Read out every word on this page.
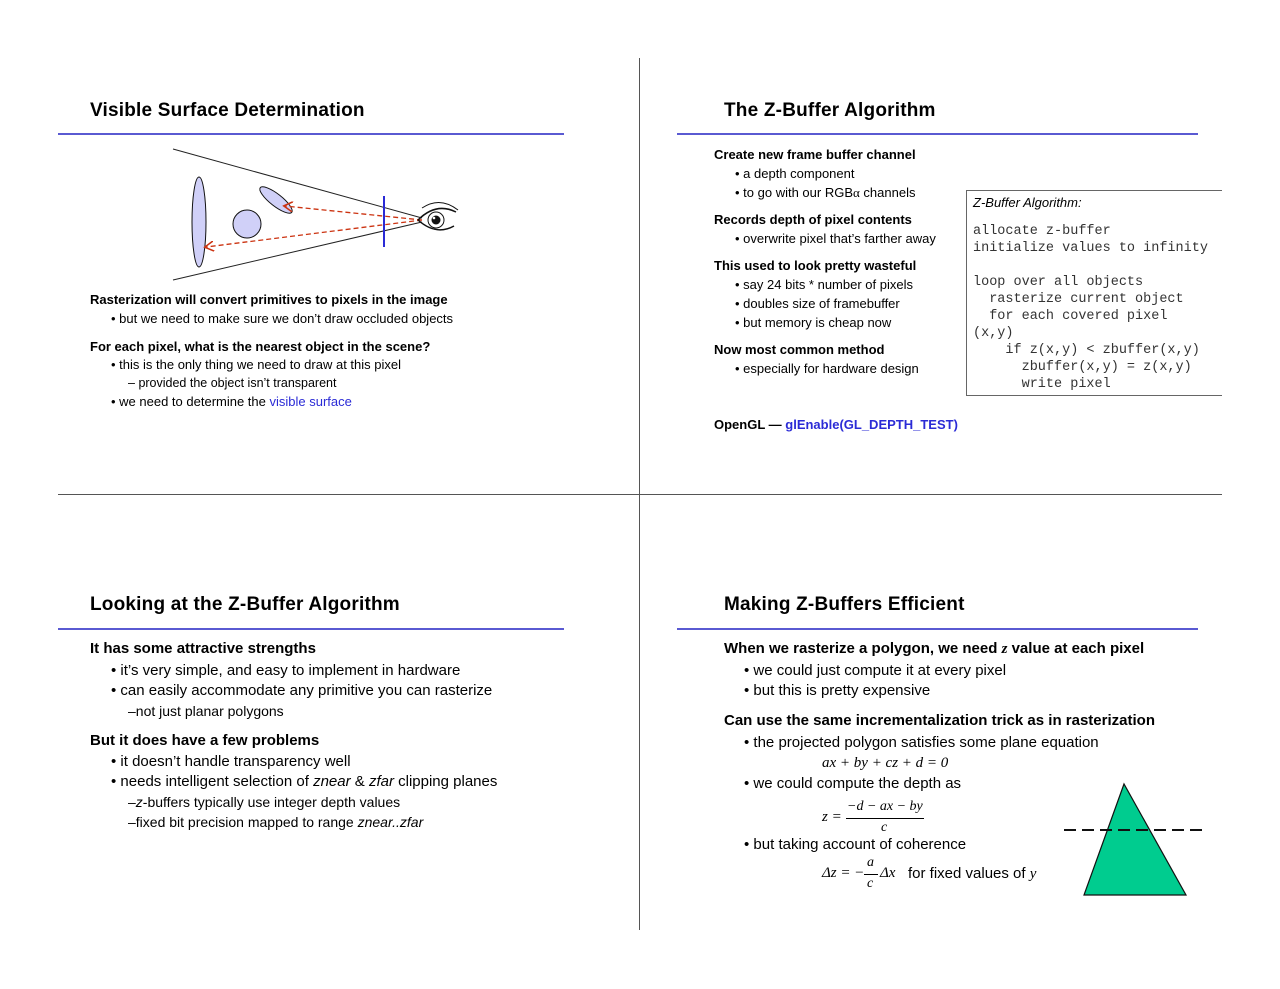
Visible Surface Determination
Rasterization will convert primitives to pixels in the image
• but we need to make sure we don’t draw occluded objects
For each pixel, what is the nearest object in the scene?
• this is the only thing we need to draw at this pixel
– provided the object isn’t transparent
• we need to determine the visible surface
The Z-Buffer Algorithm
Create new frame buffer channel
• a depth component
• to go with our RGBα channels
Records depth of pixel contents
• overwrite pixel that’s farther away
This used to look pretty wasteful
• say 24 bits * number of pixels
• doubles size of framebuffer
• but memory is cheap now
Now most common method
• especially for hardware design
OpenGL — glEnable(GL_DEPTH_TEST)
Z-Buffer Algorithm:
allocate z-buffer
initialize values to infinity
loop over all objects
rasterize current object
for each covered pixel
(x,y)
if z(x,y) < zbuffer(x,y)
zbuffer(x,y) = z(x,y)
write pixel
Looking at the Z-Buffer Algorithm
It has some attractive strengths
• it’s very simple, and easy to implement in hardware
• can easily accommodate any primitive you can rasterize
–not just planar polygons
But it does have a few problems
• it doesn’t handle transparency well
• needs intelligent selection of znear & zfar clipping planes
–z-buffers typically use integer depth values
–fixed bit precision mapped to range znear..zfar
Making Z-Buffers Efficient
When we rasterize a polygon, we need z value at each pixel
• we could just compute it at every pixel
• but this is pretty expensive
Can use the same incrementalization trick as in rasterization
• the projected polygon satisfies some plane equation
ax + by + cz + d = 0
• we could compute the depth as
z =
−d − ax − by
c
• but taking account of coherence
Δz = −
a
c
Δx for fixed values of y
